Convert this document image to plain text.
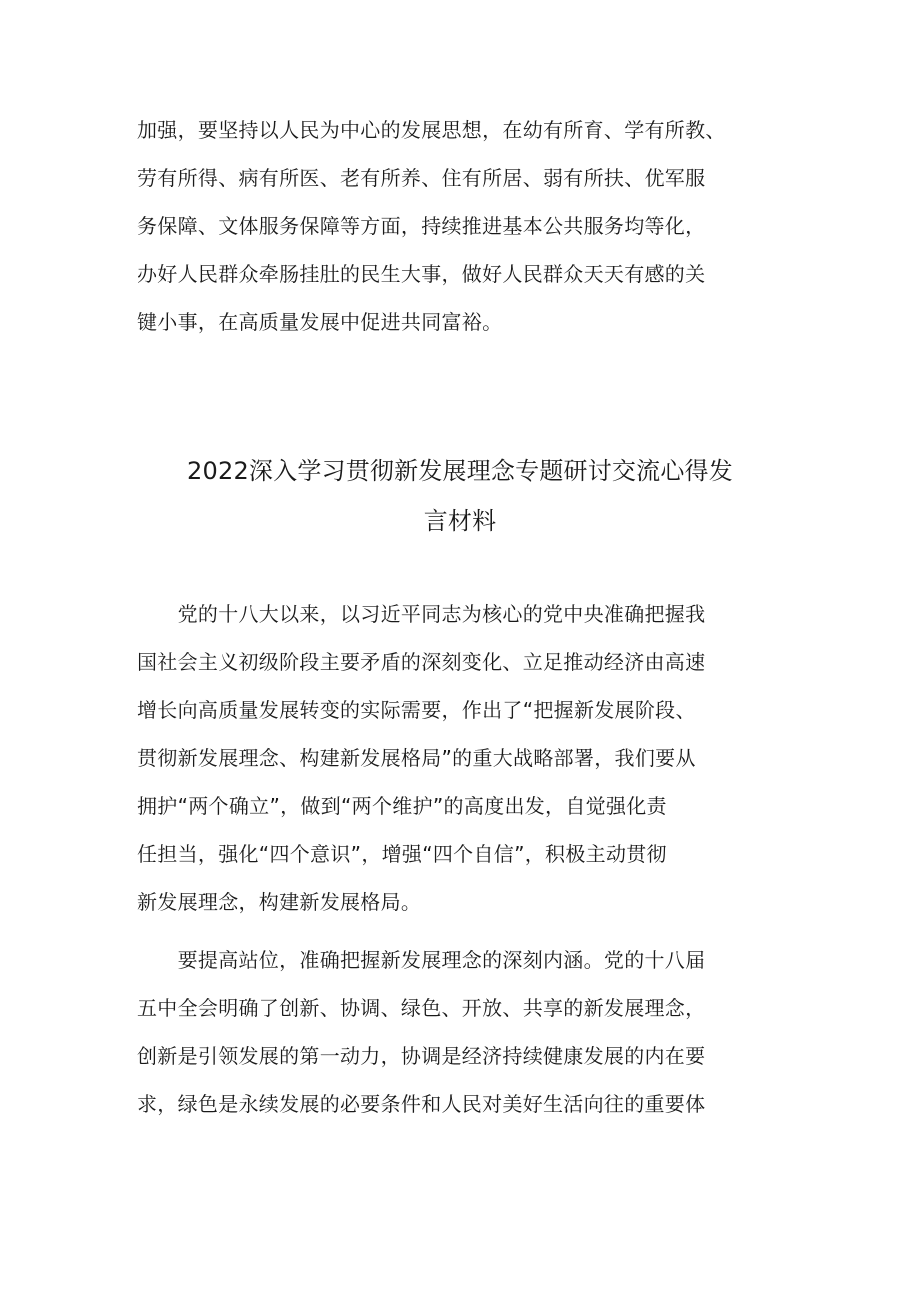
加强，要坚持以人民为中心的发展思想，在幼有所育、学有所教、

劳有所得、病有所医、老有所养、住有所居、弱有所扶、优军服

务保障、文体服务保障等方面，持续推进基本公共服务均等化，

办好人民群众牵肠挂肚的民生大事，做好人民群众天天有感的关

键小事，在高质量发展中促进共同富裕。

2022深入学习贯彻新发展理念专题研讨交流心得发
言材料

　　党的十八大以来，以习近平同志为核心的党中央准确把握我

国社会主义初级阶段主要矛盾的深刻变化、立足推动经济由高速

增长向高质量发展转变的实际需要，作出了“把握新发展阶段、

贯彻新发展理念、构建新发展格局”的重大战略部署，我们要从

拥护“两个确立”，做到“两个维护”的高度出发，自觉强化责

任担当，强化“四个意识”，增强“四个自信”，积极主动贯彻

新发展理念，构建新发展格局。

　　要提高站位，准确把握新发展理念的深刻内涵。党的十八届

五中全会明确了创新、协调、绿色、开放、共享的新发展理念，

创新是引领发展的第一动力，协调是经济持续健康发展的内在要

求，绿色是永续发展的必要条件和人民对美好生活向往的重要体
